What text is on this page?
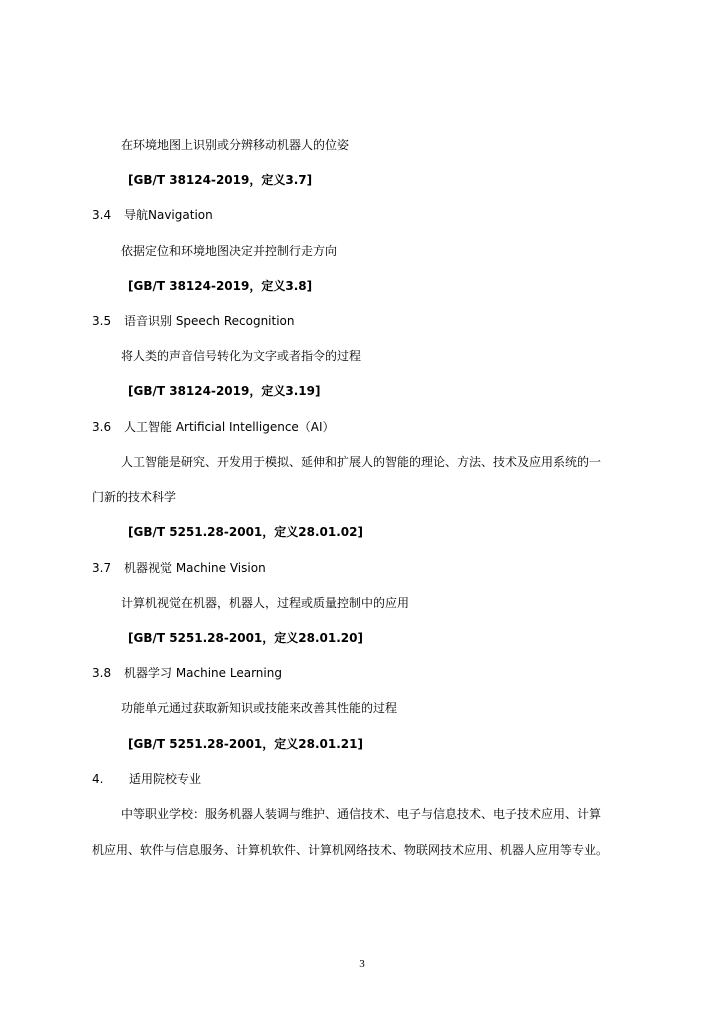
在环境地图上识别或分辨移动机器人的位姿
[GB/T 38124-2019，定义3.7]
3.4 导航Navigation
依据定位和环境地图决定并控制行走方向
[GB/T 38124-2019，定义3.8]
3.5 语音识别 Speech Recognition
将人类的声音信号转化为文字或者指令的过程
[GB/T 38124-2019，定义3.19]
3.6 人工智能 Artificial Intelligence（AI）
人工智能是研究、开发用于模拟、延伸和扩展人的智能的理论、方法、技术及应用系统的一
门新的技术科学
[GB/T 5251.28-2001，定义28.01.02]
3.7 机器视觉 Machine Vision
计算机视觉在机器，机器人，过程或质量控制中的应用
[GB/T 5251.28-2001，定义28.01.20]
3.8 机器学习 Machine Learning
功能单元通过获取新知识或技能来改善其性能的过程
[GB/T 5251.28-2001，定义28.01.21]
4. 适用院校专业
中等职业学校：服务机器人装调与维护、通信技术、电子与信息技术、电子技术应用、计算
机应用、软件与信息服务、计算机软件、计算机网络技术、物联网技术应用、机器人应用等专业。
3
